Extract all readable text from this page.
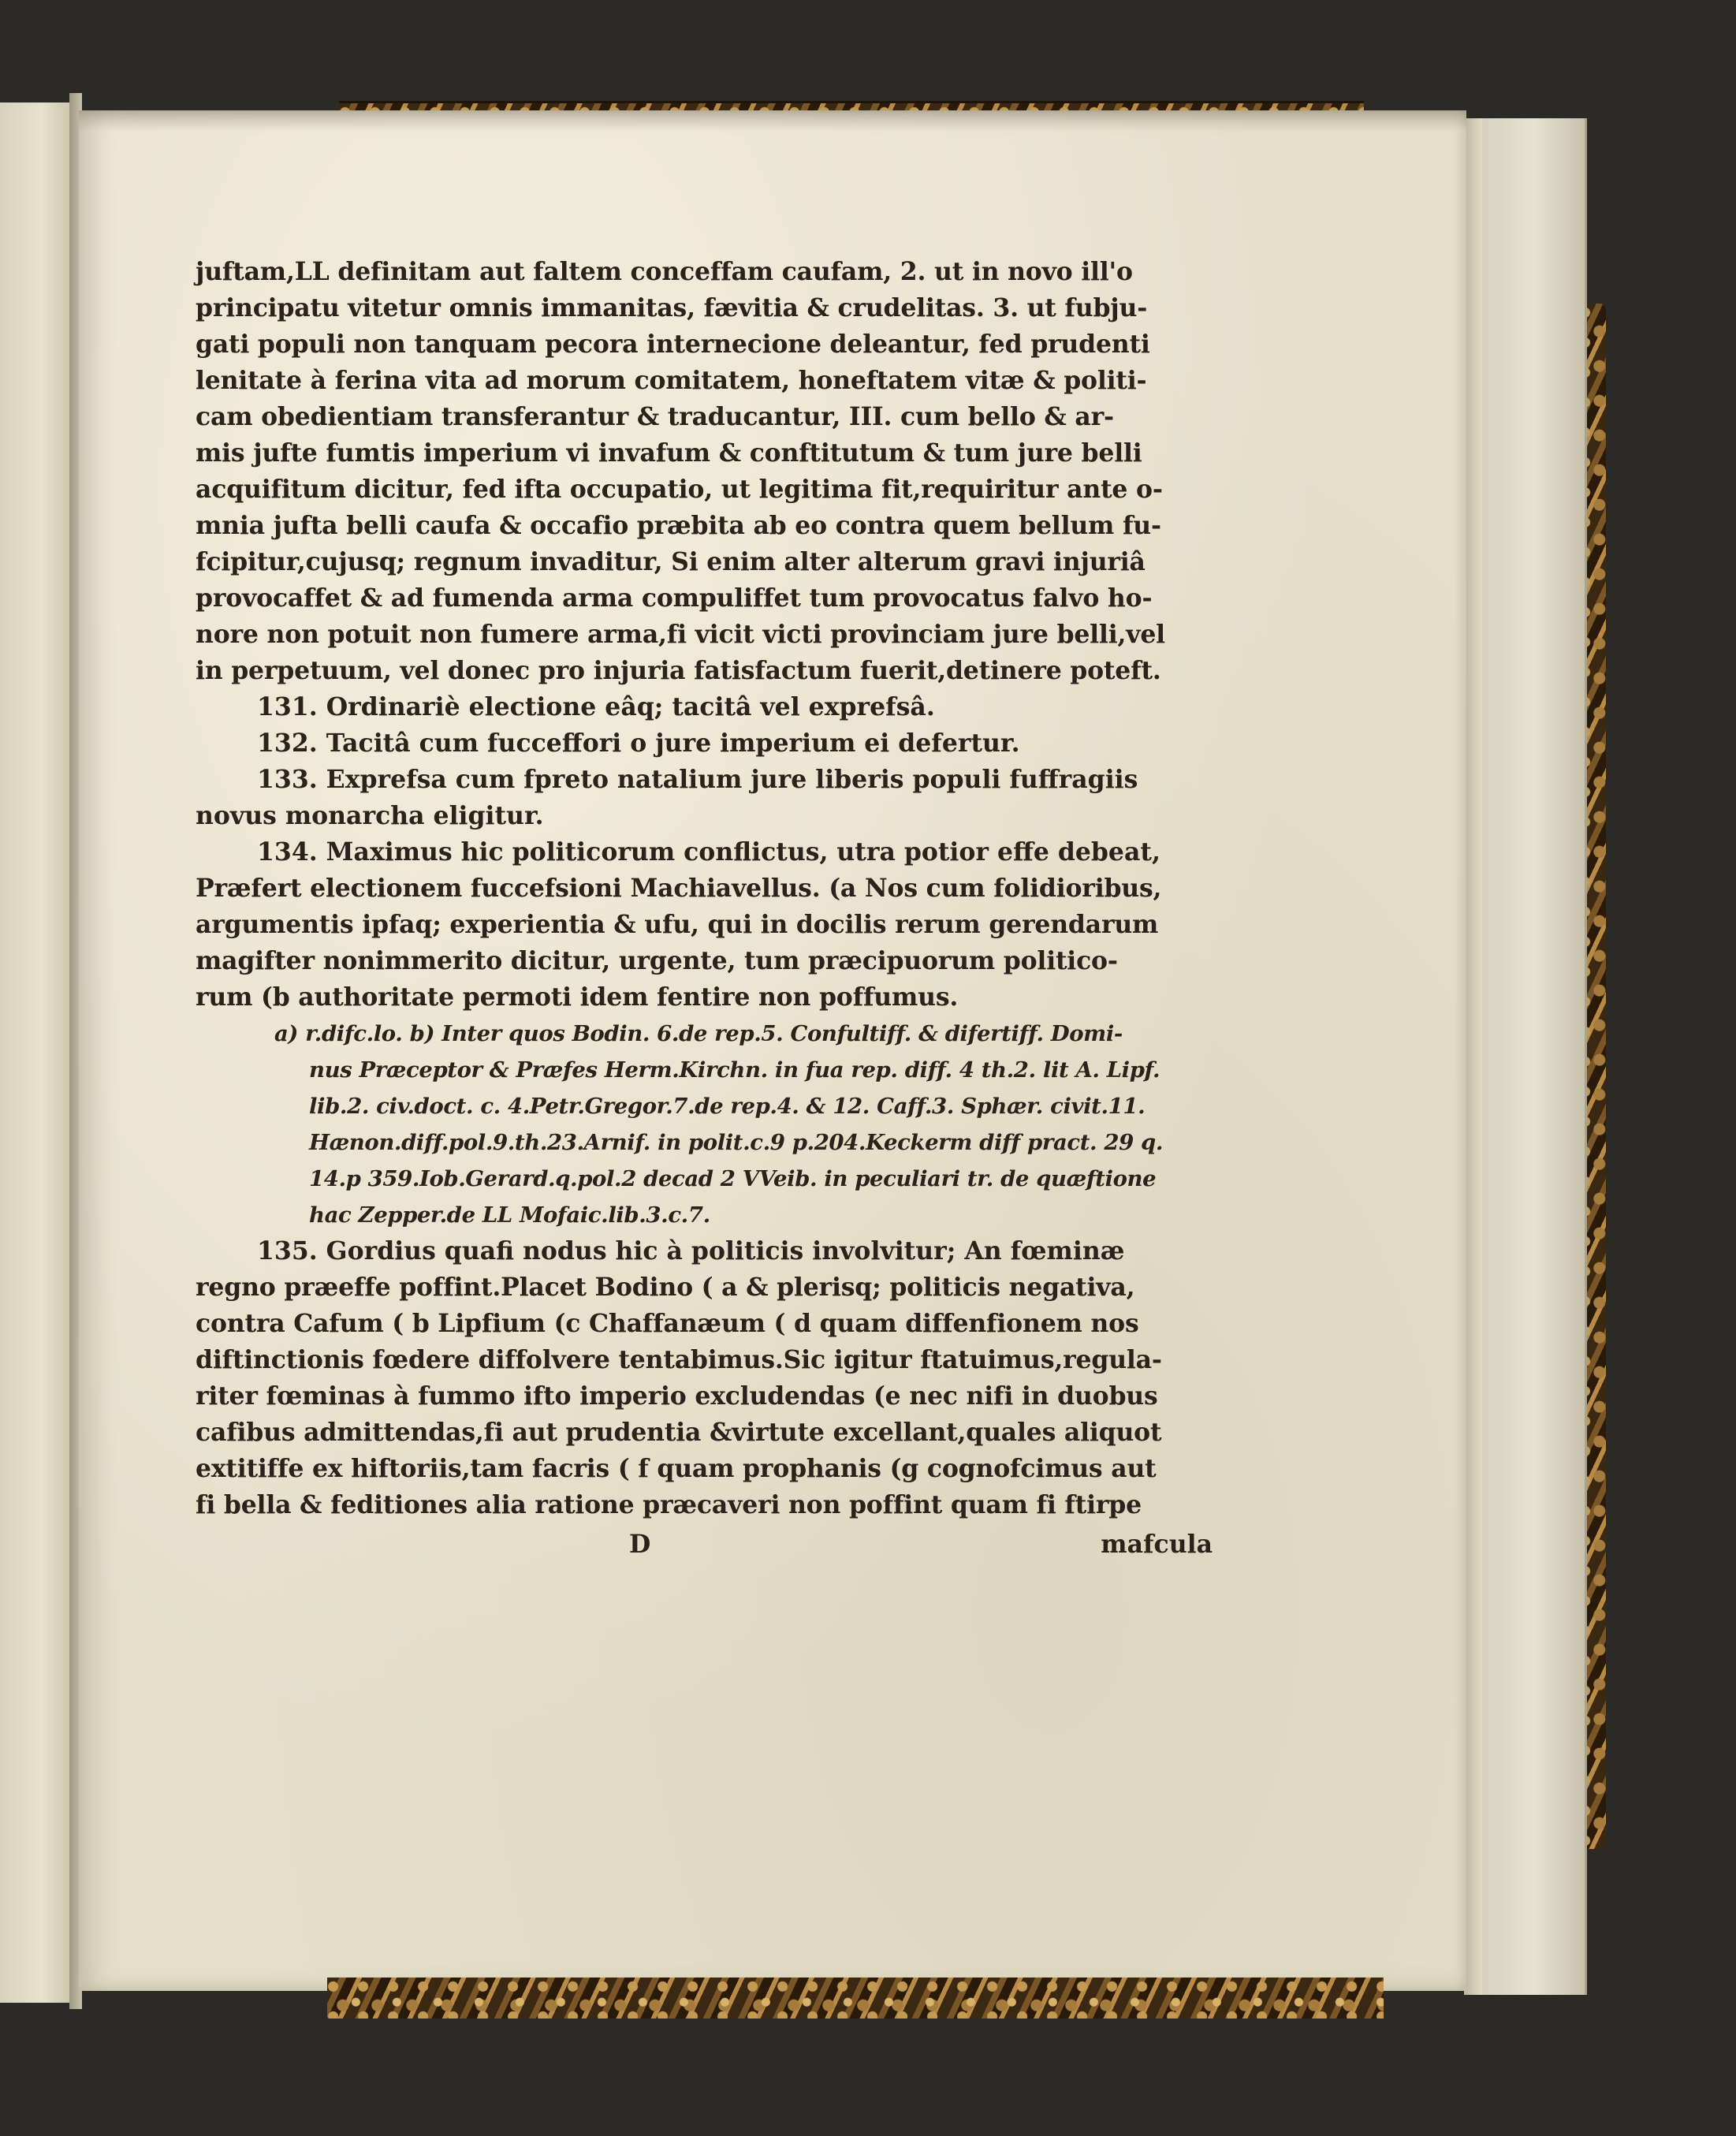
juftam,LL definitam aut faltem conceffam caufam, 2. ut in novo ill'o
principatu vitetur omnis immanitas, fævitia & crudelitas. 3. ut fubju-
gati populi non tanquam pecora internecione deleantur, fed prudenti
lenitate à ferina vita ad morum comitatem, honeftatem vitæ & politi-
cam obedientiam transferantur & traducantur, III. cum bello & ar-
mis jufte fumtis imperium vi invafum & conftitutum & tum jure belli
acquifitum dicitur, fed ifta occupatio, ut legitima fit,requiritur ante o-
mnia jufta belli caufa & occafio præbita ab eo contra quem bellum fu-
fcipitur,cujusq; regnum invaditur, Si enim alter alterum gravi injuriâ
provocaffet & ad fumenda arma compuliffet tum provocatus falvo ho-
nore non potuit non fumere arma,fi vicit victi provinciam jure belli,vel
in perpetuum, vel donec pro injuria fatisfactum fuerit,detinere poteft.
131. Ordinariè electione eâq; tacitâ vel exprefsâ.
132. Tacitâ cum fucceffori o jure imperium ei defertur.
133. Exprefsa cum fpreto natalium jure liberis populi fuffragiis
novus monarcha eligitur.
134. Maximus hic politicorum conflictus, utra potior effe debeat,
Præfert electionem fuccefsioni Machiavellus. (a Nos cum folidioribus,
argumentis ipfaq; experientia & ufu, qui in docilis rerum gerendarum
magifter nonimmerito dicitur, urgente, tum præcipuorum politico-
rum (b authoritate permoti idem fentire non poffumus.
a) r.difc.lo. b) Inter quos Bodin. 6.de rep.5. Confultiff. & difertiff. Domi-
nus Præceptor & Præfes Herm.Kirchn. in fua rep. diff. 4 th.2. lit A. Lipf.
lib.2. civ.doct. c. 4.Petr.Gregor.7.de rep.4. & 12. Caff.3. Sphær. civit.11.
Hænon.diff.pol.9.th.23.Arnif. in polit.c.9 p.204.Keckerm diff pract. 29 q.
14.p 359.Iob.Gerard.q.pol.2 decad 2 VVeib. in peculiari tr. de quæftione
hac Zepper.de LL Mofaic.lib.3.c.7.
135. Gordius quafi nodus hic à politicis involvitur; An fœminæ
regno præeffe poffint.Placet Bodino ( a & plerisq; politicis negativa,
contra Cafum ( b Lipfium (c Chaffanæum ( d quam diffenfionem nos
diftinctionis fœdere diffolvere tentabimus.Sic igitur ftatuimus,regula-
riter fœminas à fummo ifto imperio excludendas (e nec nifi in duobus
cafibus admittendas,fi aut prudentia &virtute excellant,quales aliquot
extitiffe ex hiftoriis,tam facris ( f quam prophanis (g cognofcimus aut
fi bella & feditiones alia ratione præcaveri non poffint quam fi ftirpe
D	mafcula
